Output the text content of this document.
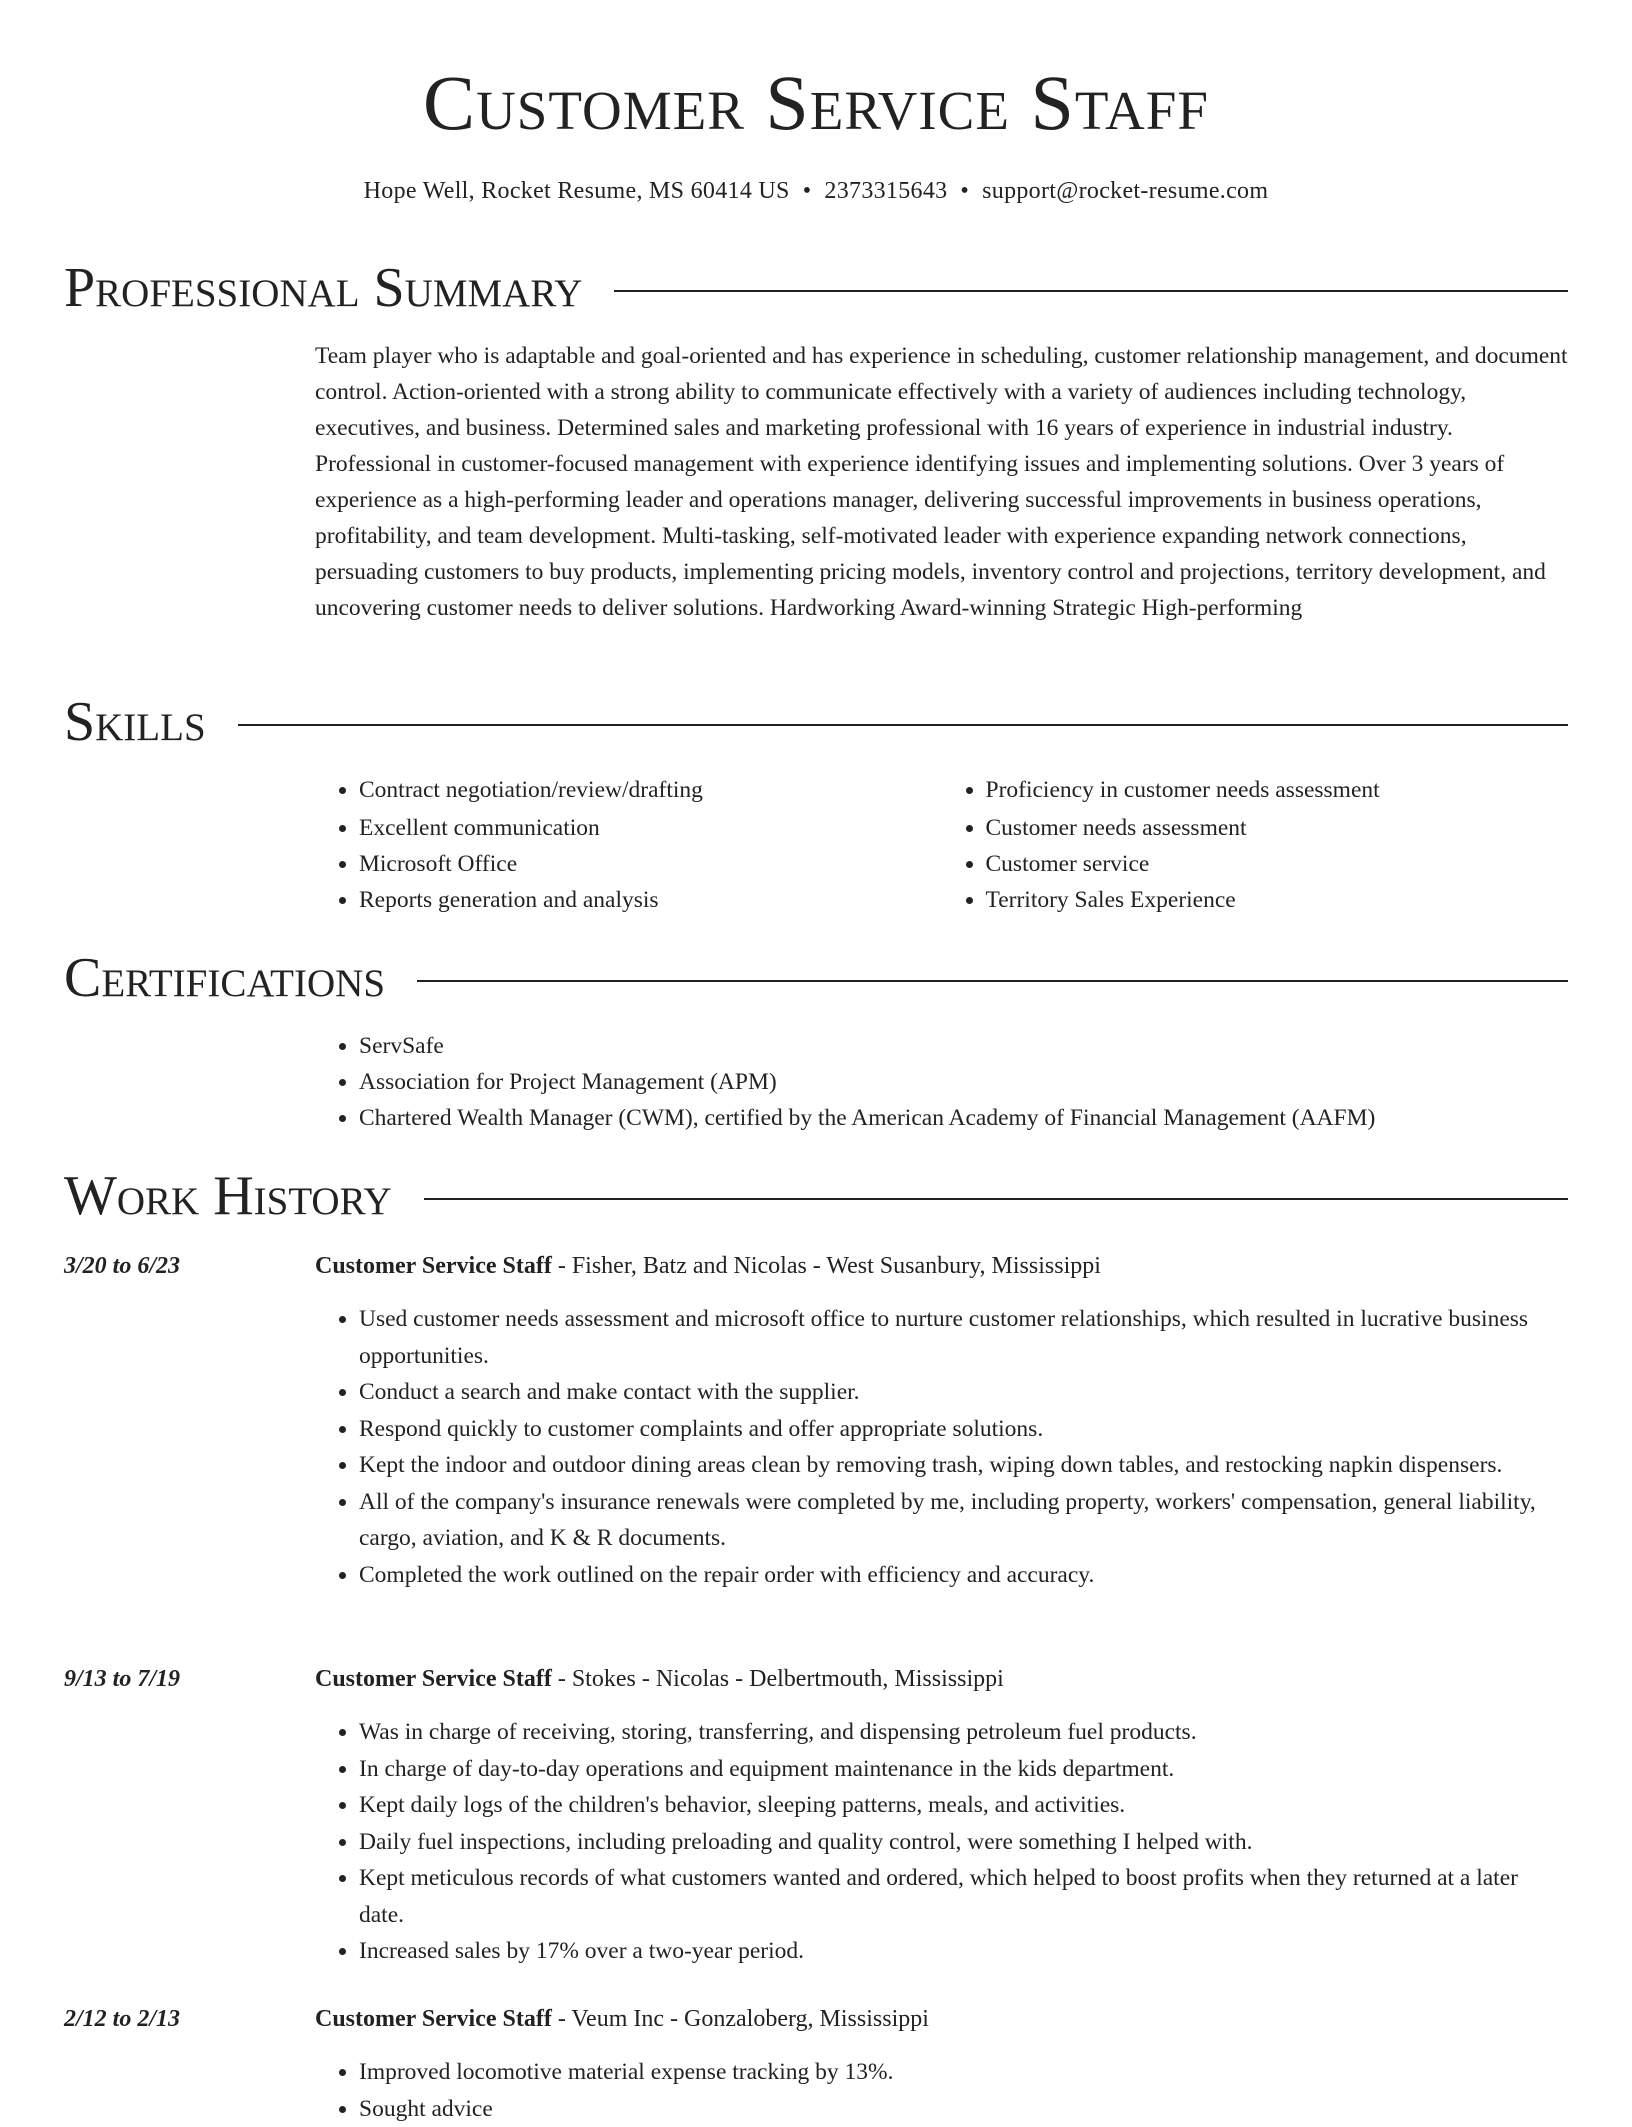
Customer Service Staff
Hope Well, Rocket Resume, MS 60414 US • 2373315643 • support@rocket-resume.com
Professional Summary

Team player who is adaptable and goal-oriented and has experience in scheduling, customer relationship management, and document control. Action-oriented with a strong ability to communicate effectively with a variety of audiences including technology, executives, and business. Determined sales and marketing professional with 16 years of experience in industrial industry. Professional in customer-focused management with experience identifying issues and implementing solutions. Over 3 years of experience as a high-performing leader and operations manager, delivering successful improvements in business operations, profitability, and team development. Multi-tasking, self-motivated leader with experience expanding network connections, persuading customers to buy products, implementing pricing models, inventory control and projections, territory development, and uncovering customer needs to deliver solutions. Hardworking Award-winning Strategic High-performing

Skills
• Contract negotiation/review/drafting
• Excellent communication
• Microsoft Office
• Reports generation and analysis
• Proficiency in customer needs assessment
• Customer needs assessment
• Customer service
• Territory Sales Experience
Certifications
• ServSafe
• Association for Project Management (APM)
• Chartered Wealth Manager (CWM), certified by the American Academy of Financial Management (AAFM)
Work History
3/20 to 6/23	Customer Service Staff - Fisher, Batz and Nicolas - West Susanbury, Mississippi
• Used customer needs assessment and microsoft office to nurture customer relationships, which resulted in lucrative business opportunities.
• Conduct a search and make contact with the supplier.
• Respond quickly to customer complaints and offer appropriate solutions.
• Kept the indoor and outdoor dining areas clean by removing trash, wiping down tables, and restocking napkin dispensers.
• All of the company's insurance renewals were completed by me, including property, workers' compensation, general liability, cargo, aviation, and K & R documents.
• Completed the work outlined on the repair order with efficiency and accuracy.
9/13 to 7/19	Customer Service Staff - Stokes - Nicolas - Delbertmouth, Mississippi
• Was in charge of receiving, storing, transferring, and dispensing petroleum fuel products.
• In charge of day-to-day operations and equipment maintenance in the kids department.
• Kept daily logs of the children's behavior, sleeping patterns, meals, and activities.
• Daily fuel inspections, including preloading and quality control, were something I helped with.
• Kept meticulous records of what customers wanted and ordered, which helped to boost profits when they returned at a later date.
• Increased sales by 17% over a two-year period.
2/12 to 2/13	Customer Service Staff - Veum Inc - Gonzaloberg, Mississippi
• Improved locomotive material expense tracking by 13%.
• Sought advice
